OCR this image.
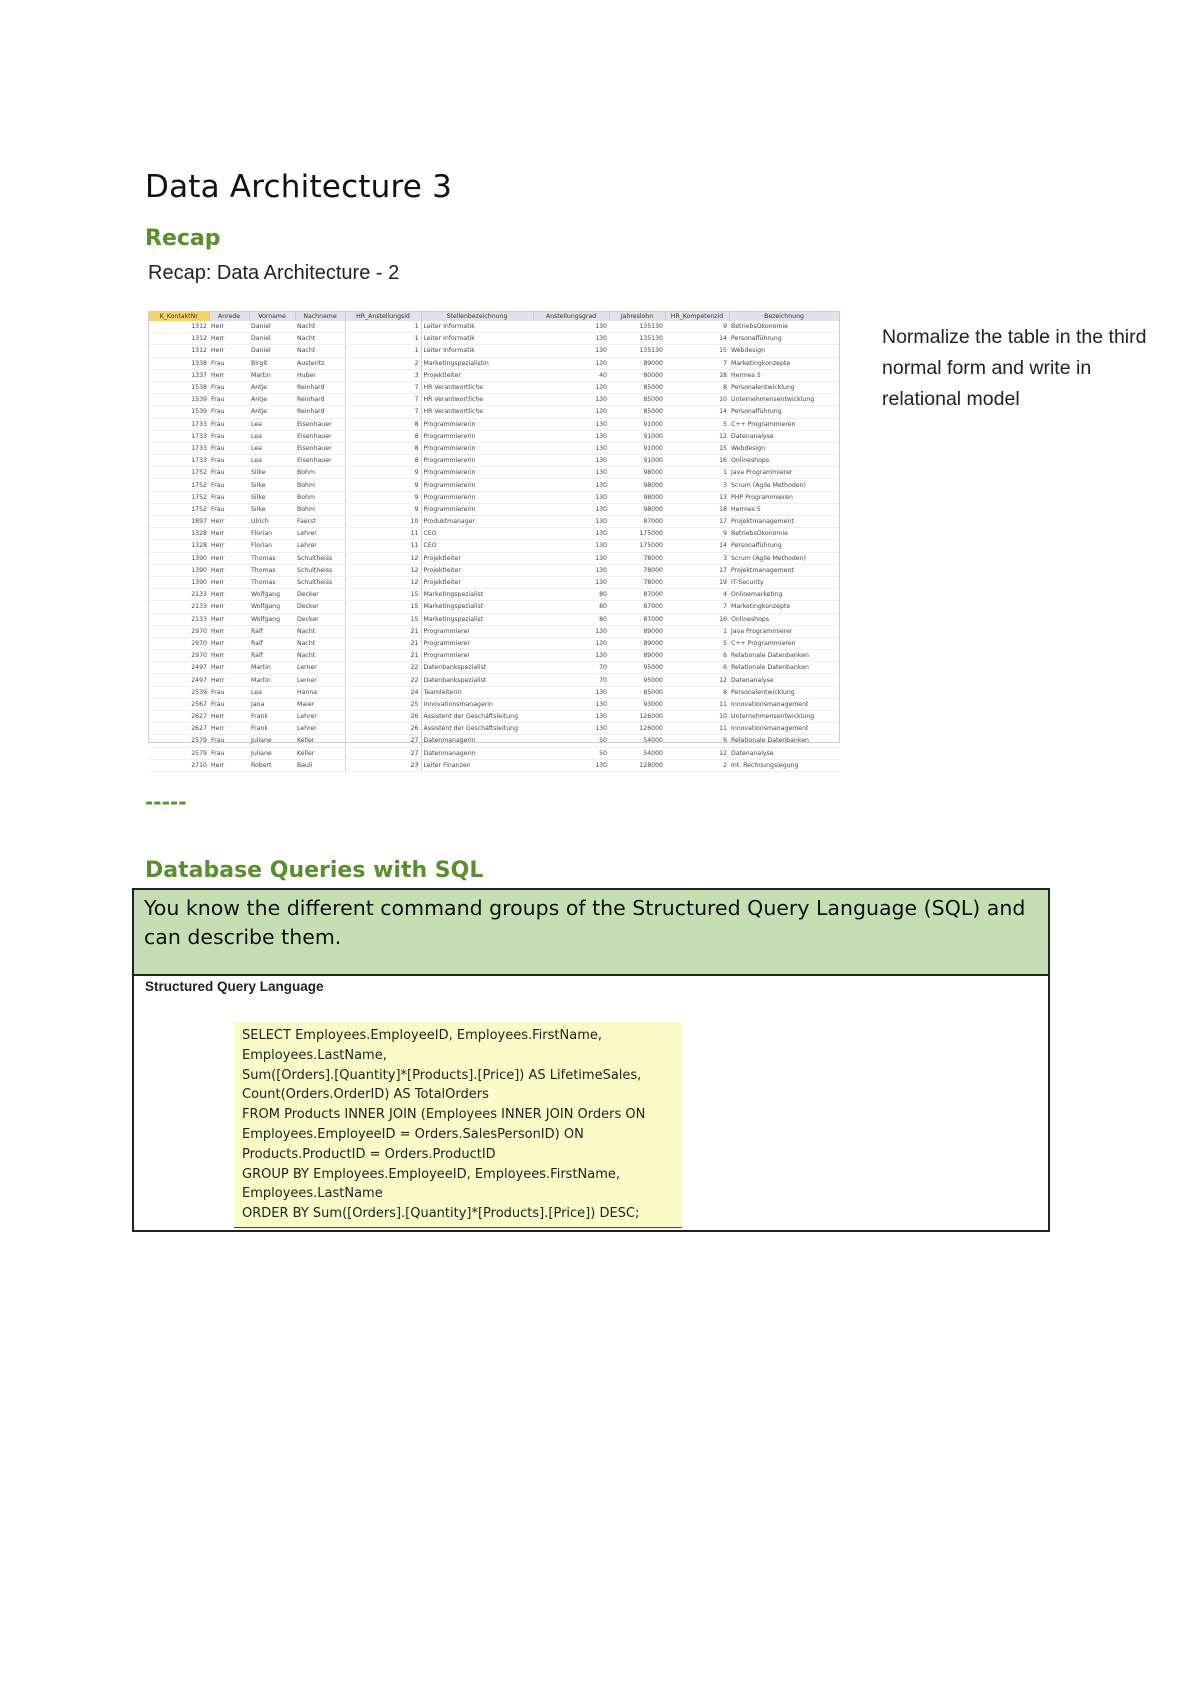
Data Architecture 3
Recap
Recap: Data Architecture - 2
K_KontaktNr	Anrede	Vorname	Nachname	HR_Anstellungsid	Stellenbezeichnung	Anstellungsgrad	Jahreslohn	HR_Kompetenzid	Bezeichnung
1312	Herr	Daniel	Nacht	1	Leiter Informatik	130	135130	9	BetriebsOkonomie
1312	Herr	Daniel	Nacht	1	Leiter Informatik	130	135130	14	Personalführung
1312	Herr	Daniel	Nacht	1	Leiter Informatik	130	135130	15	Webdesign
1338	Frau	Birgit	Austeritz	2	Marketingspezialistin	130	89000	7	Marketingkonzepte
1337	Herr	Martin	Huber	3	Projektleiter	40	80000	18	Hermes 5
1538	Frau	Antje	Reinhard	7	HR Verantwortliche	130	85000	8	Personalentwicklung
1539	Frau	Antje	Reinhard	7	HR Verantwortliche	130	85000	10	Unternehmensentwicklung
1539	Frau	Antje	Reinhard	7	HR Verantwortliche	130	85000	14	Personalführung
1733	Frau	Lea	Eisenhauer	8	Programmiererin	130	91000	5	C++ Programmieren
1733	Frau	Lea	Eisenhauer	8	Programmiererin	130	91000	12	Datenanalyse
1733	Frau	Lea	Eisenhauer	8	Programmiererin	130	91000	15	Webdesign
1733	Frau	Lea	Eisenhauer	8	Programmiererin	130	91000	16	Onlineshops
1752	Frau	Silke	Bohm	9	Programmiererin	130	98000	1	Java Programmierer
1752	Frau	Silke	Bohm	9	Programmiererin	130	98000	3	Scrum (Agile Methoden)
1752	Frau	Silke	Bohm	9	Programmiererin	130	98000	13	PHP Programmieren
1752	Frau	Silke	Bohm	9	Programmiererin	130	98000	18	Hermes 5
1897	Herr	Ulrich	Faerst	10	Produktmanager	130	87000	17	Projektmanagement
1328	Herr	Florian	Lehrer	11	CEO	130	175000	9	BetriebsOkonomie
1328	Herr	Florian	Lehrer	11	CEO	130	175000	14	Personalführung
1390	Herr	Thomas	Schultheiss	12	Projektleiter	130	78000	3	Scrum (Agile Methoden)
1390	Herr	Thomas	Schultheiss	12	Projektleiter	130	78000	17	Projektmanagement
1390	Herr	Thomas	Schultheiss	12	Projektleiter	130	78000	19	IT-Security
2133	Herr	Wolfgang	Decker	15	Marketingspezialist	80	87000	4	Onlinemarketing
2133	Herr	Wolfgang	Decker	15	Marketingspezialist	80	87000	7	Marketingkonzepte
2133	Herr	Wolfgang	Decker	15	Marketingspezialist	80	87000	16	Onlineshops
2970	Herr	Ralf	Nacht	21	Programmierer	130	89000	1	Java Programmierer
2970	Herr	Ralf	Nacht	21	Programmierer	130	89000	5	C++ Programmieren
2970	Herr	Ralf	Nacht	21	Programmierer	130	89000	6	Relationale Datenbanken
2497	Herr	Martin	Lerner	22	Datenbankspezialist	70	95000	6	Relationale Datenbanken
2497	Herr	Martin	Lerner	22	Datenbankspezialist	70	95000	12	Datenanalyse
2539	Frau	Lea	Hanna	24	Teamleiterin	130	85000	8	Personalentwicklung
2567	Frau	Jana	Maier	25	Innovationsmanagerin	130	93000	11	Innovationsmanagement
2627	Herr	Frank	Lehrer	26	Assistent der Geschäftsleitung	130	126000	10	Unternehmensentwicklung
2627	Herr	Frank	Lehrer	26	Assistent der Geschäftsleitung	130	126000	11	Innovationsmanagement
2579	Frau	Juliane	Keller	27	Datenmanagerin	50	54000	6	Relationale Datenbanken
2579	Frau	Juliane	Keller	27	Datenmanagerin	50	54000	12	Datenanalyse
2710	Herr	Robert	Bauli	23	Leiter Finanzen	130	128000	2	Int. Rechnungslegung
Normalize the table in the third normal form and write in relational model
-----
Database Queries with SQL
You know the different command groups of the Structured Query Language (SQL) and can describe them.
Structured Query Language
SELECT Employees.EmployeeID, Employees.FirstName,
Employees.LastName,
Sum([Orders].[Quantity]*[Products].[Price]) AS LifetimeSales,
Count(Orders.OrderID) AS TotalOrders
FROM Products INNER JOIN (Employees INNER JOIN Orders ON
Employees.EmployeeID = Orders.SalesPersonID) ON
Products.ProductID = Orders.ProductID
GROUP BY Employees.EmployeeID, Employees.FirstName,
Employees.LastName
ORDER BY Sum([Orders].[Quantity]*[Products].[Price]) DESC;
